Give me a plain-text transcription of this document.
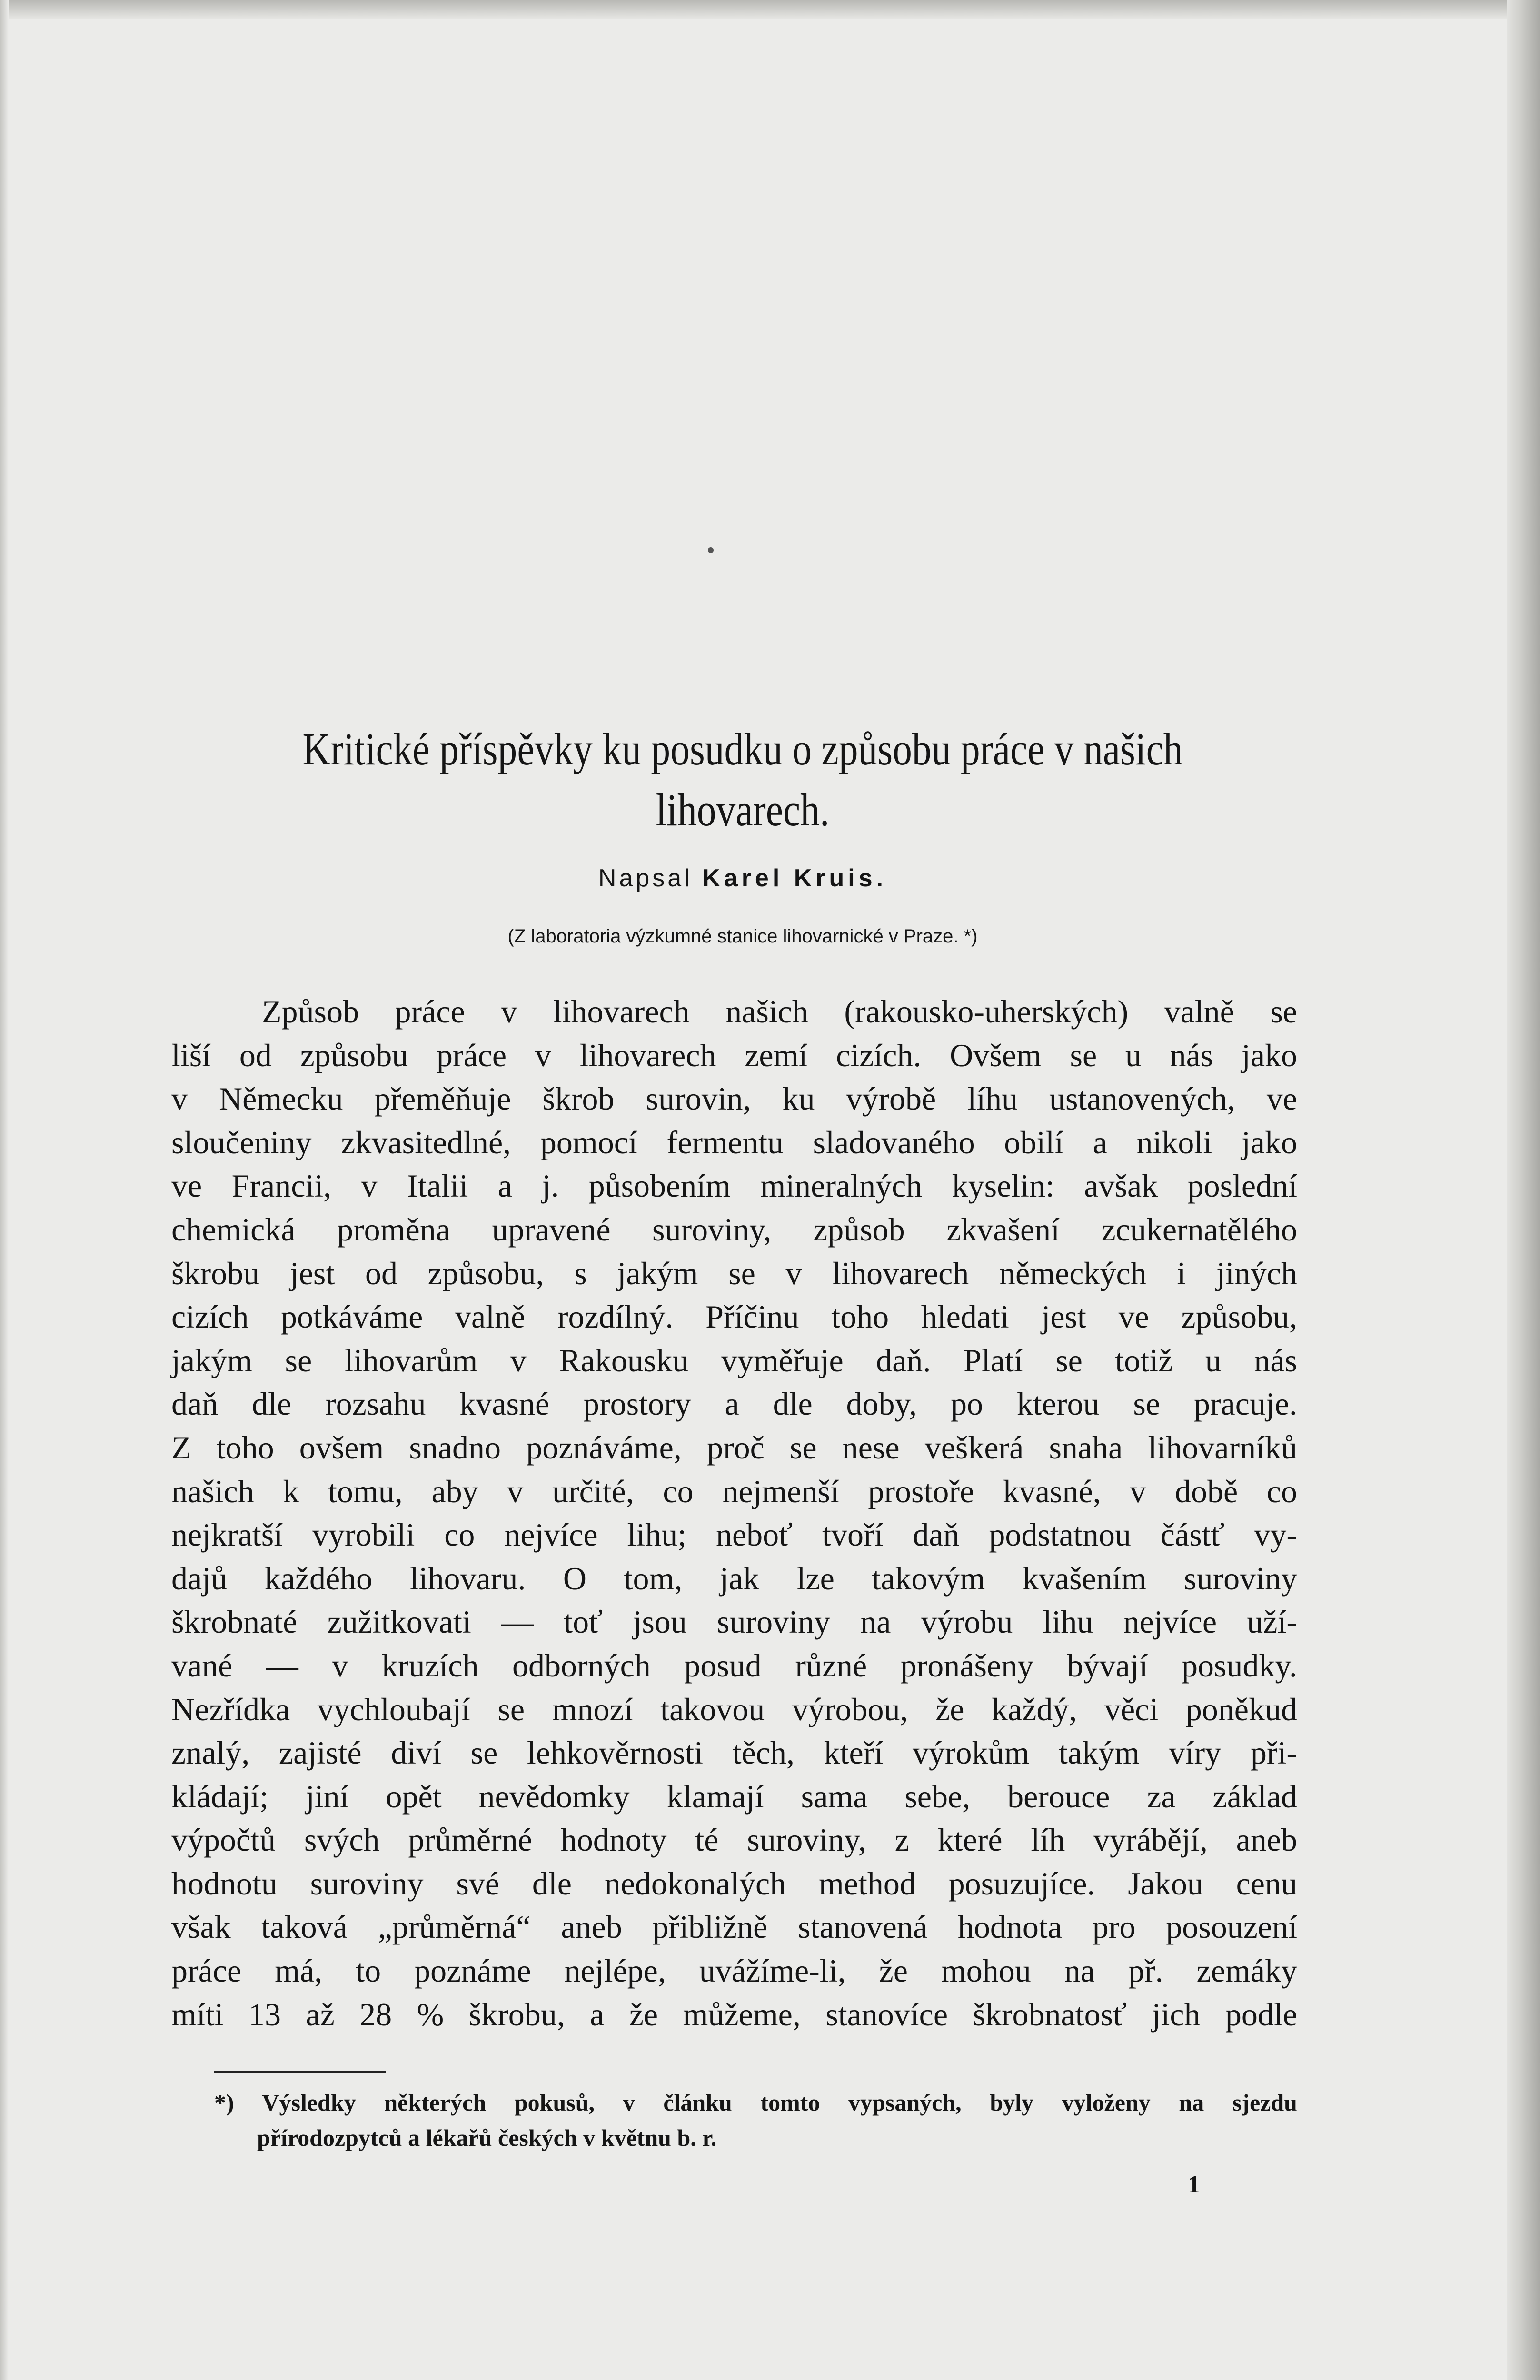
Kritické příspěvky ku posudku o způsobu práce v našich lihovarech.

Napsal Karel Kruis.

(Z laboratoria výzkumné stanice lihovarnické v Praze. *)

Způsob práce v lihovarech našich (rakousko-uherských) valně se
liší od způsobu práce v lihovarech zemí cizích. Ovšem se u nás jako
v Německu přeměňuje škrob surovin, ku výrobě líhu ustanovených, ve
sloučeniny zkvasitedlné, pomocí fermentu sladovaného obilí a nikoli jako
ve Francii, v Italii a j. působením mineralných kyselin: avšak poslední
chemická proměna upravené suroviny, způsob zkvašení zcukernatělého
škrobu jest od způsobu, s jakým se v lihovarech německých i jiných
cizích potkáváme valně rozdílný. Příčinu toho hledati jest ve způsobu,
jakým se lihovarům v Rakousku vyměřuje daň. Platí se totiž u nás
daň dle rozsahu kvasné prostory a dle doby, po kterou se pracuje.
Z toho ovšem snadno poznáváme, proč se nese veškerá snaha lihovarníků
našich k tomu, aby v určité, co nejmenší prostoře kvasné, v době co
nejkratší vyrobili co nejvíce lihu; neboť tvoří daň podstatnou částť vy-
dajů každého lihovaru. O tom, jak lze takovým kvašením suroviny
škrobnaté zužitkovati — toť jsou suroviny na výrobu lihu nejvíce uží-
vané — v kruzích odborných posud různé pronášeny bývají posudky.
Nezřídka vychloubají se mnozí takovou výrobou, že každý, věci poněkud
znalý, zajisté diví se lehkověrnosti těch, kteří výrokům takým víry při-
kládají; jiní opět nevědomky klamají sama sebe, berouce za základ
výpočtů svých průměrné hodnoty té suroviny, z které líh vyrábějí, aneb
hodnotu suroviny své dle nedokonalých method posuzujíce. Jakou cenu
však taková „průměrná“ aneb přibližně stanovená hodnota pro posouzení
práce má, to poznáme nejlépe, uvážíme-li, že mohou na př. zemáky
míti 13 až 28 % škrobu, a že můžeme, stanovíce škrobnatosť jich podle
*) Výsledky některých pokusů, v článku tomto vypsaných, byly vyloženy na sjezdu
přírodozpytců a lékařů českých v květnu b. r.

1
